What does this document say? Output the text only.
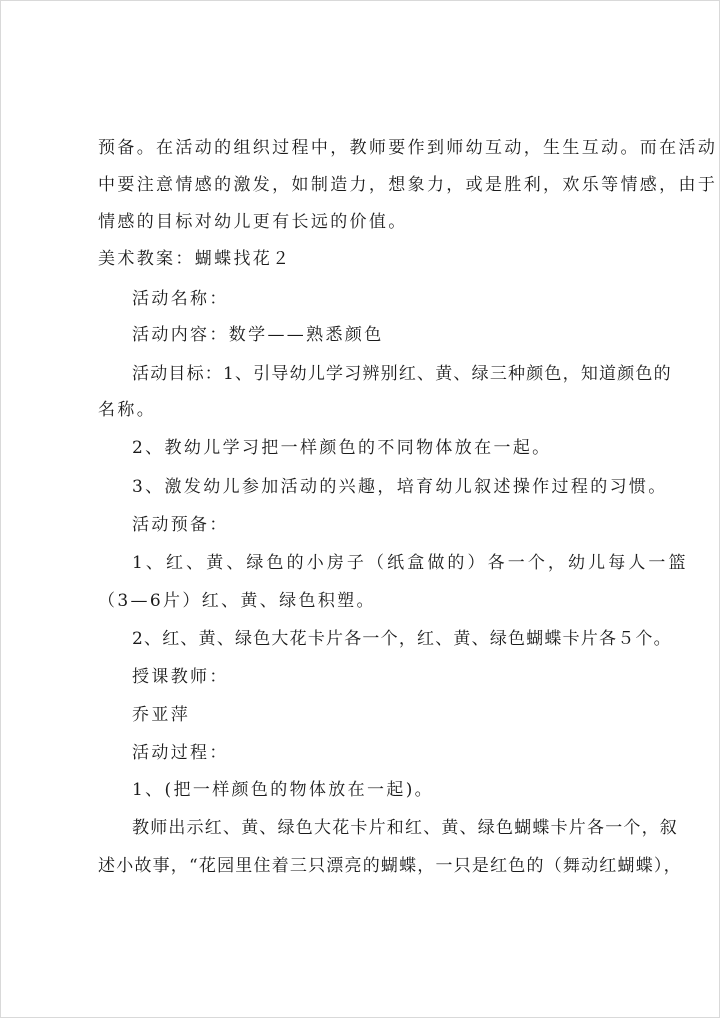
预备。在活动的组织过程中，教师要作到师幼互动，生生互动。而在活动
中要注意情感的激发，如制造力，想象力，或是胜利，欢乐等情感，由于
情感的目标对幼儿更有长远的价值。
美术教案：蝴蝶找花２
活动名称：
活动内容：数学——熟悉颜色
活动目标：1、引导幼儿学习辨别红、黄、绿三种颜色，知道颜色的
名称。
2、教幼儿学习把一样颜色的不同物体放在一起。
3、激发幼儿参加活动的兴趣，培育幼儿叙述操作过程的习惯。
活动预备：
1、红、黄、绿色的小房子（纸盒做的）各一个，幼儿每人一篮
（3—6片）红、黄、绿色积塑。
2、红、黄、绿色大花卡片各一个，红、黄、绿色蝴蝶卡片各５个。
授课教师：
乔亚萍
活动过程：
1、(把一样颜色的物体放在一起)。
教师出示红、黄、绿色大花卡片和红、黄、绿色蝴蝶卡片各一个，叙
述小故事，“花园里住着三只漂亮的蝴蝶，一只是红色的（舞动红蝴蝶），
